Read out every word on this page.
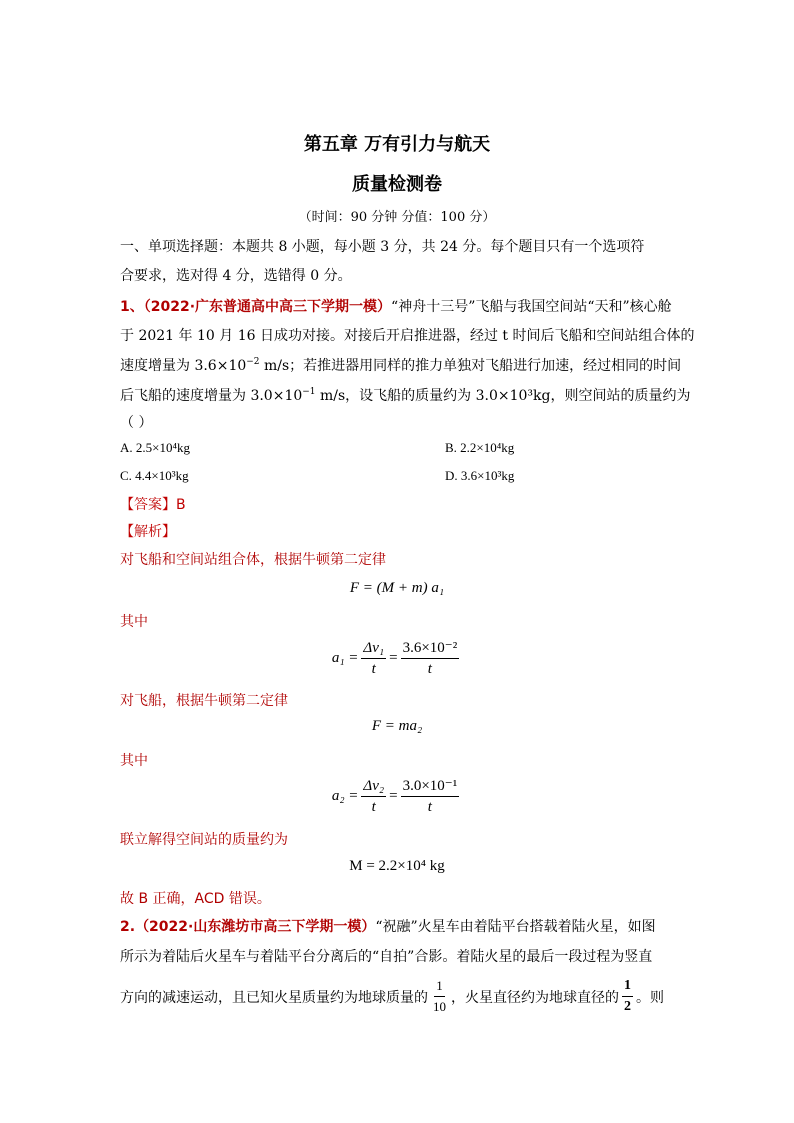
第五章 万有引力与航天
质量检测卷
（时间：90 分钟 分值：100 分）
一、单项选择题：本题共 8 小题，每小题 3 分，共 24 分。每个题目只有一个选项符
合要求，选对得 4 分，选错得 0 分。
1、（2022·广东普通高中高三下学期一模）“神舟十三号”飞船与我国空间站“天和”核心舱
于 2021 年 10 月 16 日成功对接。对接后开启推进器，经过 t 时间后飞船和空间站组合体的
速度增量为 $3.6\times 10^{-2}$ m/s；若推进器用同样的推力单独对飞船进行加速，经过相同的时间
后飞船的速度增量为 $3.0\times 10^{-1}$ m/s，设飞船的质量约为 3.0×10³kg，则空间站的质量约为
（ ）
A. 2.5×10⁴kg	B. 2.2×10⁴kg
C. 4.4×10³kg	D. 3.6×10³kg
【答案】B
【解析】
对飞船和空间站组合体，根据牛顿第二定律
F = (M + m) a₁
其中
$a_1 = \frac{\text{Δv₁}}{t} = \frac{\text{3.6×10⁻²}}{t}$
对飞船，根据牛顿第二定律
F = ma₂
其中
$a_2 = \frac{\text{Δv₂}}{t} = \frac{\text{3.0×10⁻¹}}{t}$
联立解得空间站的质量约为
M = 2.2×10⁴ kg
故 B 正确，ACD 错误。
2.（2022·山东潍坊市高三下学期一模）“祝融”火星车由着陆平台搭载着陆火星，如图
所示为着陆后火星车与着陆平台分离后的“自拍”合影。着陆火星的最后一段过程为竖直
方向的减速运动，且已知火星质量约为地球质量的 $\frac{1}{10}$ ，火星直径约为地球直径的 $\frac{1}{2}$ 。则
